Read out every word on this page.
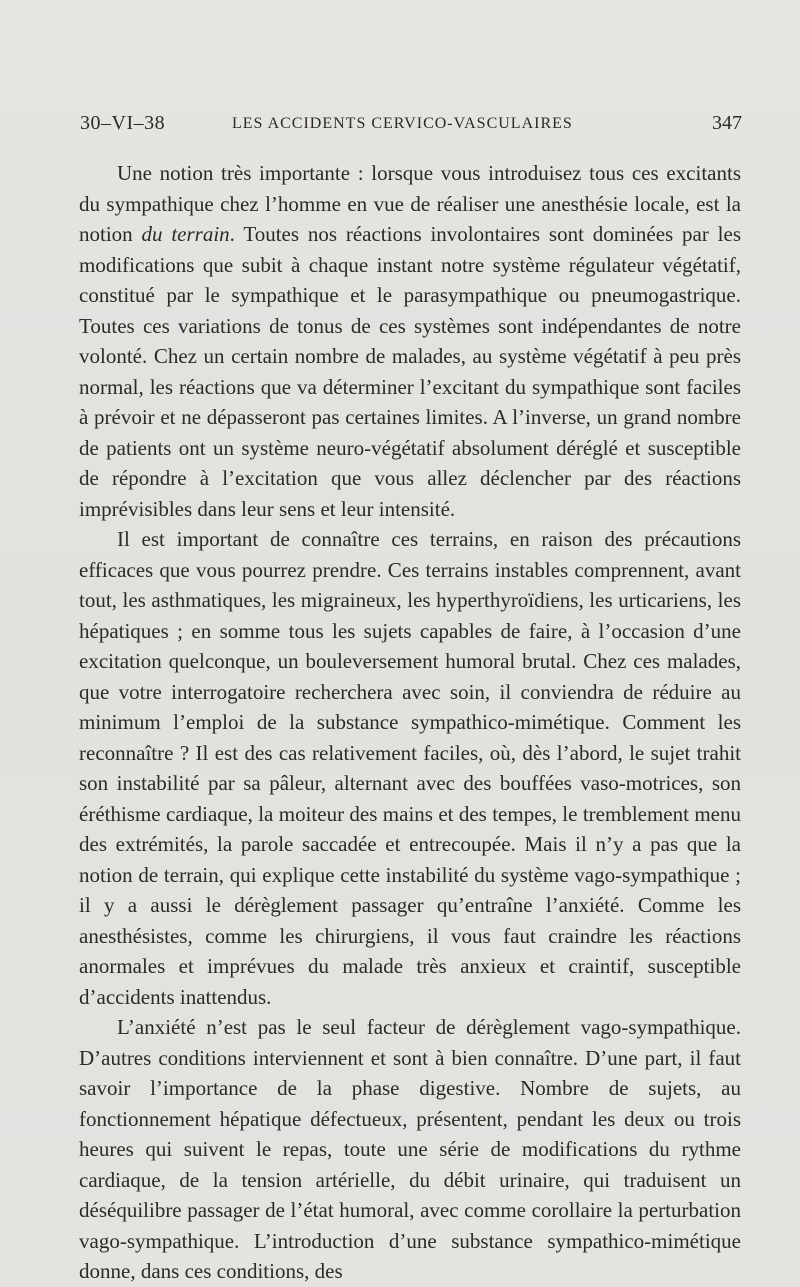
30–VI–38	LES ACCIDENTS CERVICO-VASCULAIRES	347

Une notion très importante : lorsque vous introduisez tous ces excitants du sympathique chez l’homme en vue de réaliser une anesthésie locale, est la notion du terrain. Toutes nos réactions involontaires sont dominées par les modifications que subit à chaque instant notre système régulateur végétatif, constitué par le sympathique et le parasympathique ou pneumogastrique. Toutes ces variations de tonus de ces systèmes sont indépendantes de notre volonté. Chez un certain nombre de malades, au système végétatif à peu près normal, les réactions que va déterminer l’excitant du sympathique sont faciles à prévoir et ne dépasseront pas certaines limites. A l’inverse, un grand nombre de patients ont un système neuro-végétatif absolument déréglé et susceptible de répondre à l’excitation que vous allez déclencher par des réactions imprévisibles dans leur sens et leur intensité.

Il est important de connaître ces terrains, en raison des précautions efficaces que vous pourrez prendre. Ces terrains instables comprennent, avant tout, les asthmatiques, les migraineux, les hyperthyroïdiens, les urticariens, les hépatiques ; en somme tous les sujets capables de faire, à l’occasion d’une excitation quelconque, un bouleversement humoral brutal. Chez ces malades, que votre interrogatoire recherchera avec soin, il conviendra de réduire au minimum l’emploi de la substance sympathico-mimétique. Comment les reconnaître ? Il est des cas relativement faciles, où, dès l’abord, le sujet trahit son instabilité par sa pâleur, alternant avec des bouffées vaso-motrices, son éréthisme cardiaque, la moiteur des mains et des tempes, le tremblement menu des extrémités, la parole saccadée et entrecoupée. Mais il n’y a pas que la notion de terrain, qui explique cette instabilité du système vago-sympathique ; il y a aussi le dérèglement passager qu’entraîne l’anxiété. Comme les anesthésistes, comme les chirurgiens, il vous faut craindre les réactions anormales et imprévues du malade très anxieux et craintif, susceptible d’accidents inattendus.

L’anxiété n’est pas le seul facteur de dérèglement vago-sympathique. D’autres conditions interviennent et sont à bien connaître. D’une part, il faut savoir l’importance de la phase digestive. Nombre de sujets, au fonctionnement hépatique défectueux, présentent, pendant les deux ou trois heures qui suivent le repas, toute une série de modifications du rythme cardiaque, de la tension artérielle, du débit urinaire, qui traduisent un déséquilibre passager de l’état humoral, avec comme corollaire la perturbation vago-sympathique. L’introduction d’une substance sympathico-mimétique donne, dans ces conditions, des
